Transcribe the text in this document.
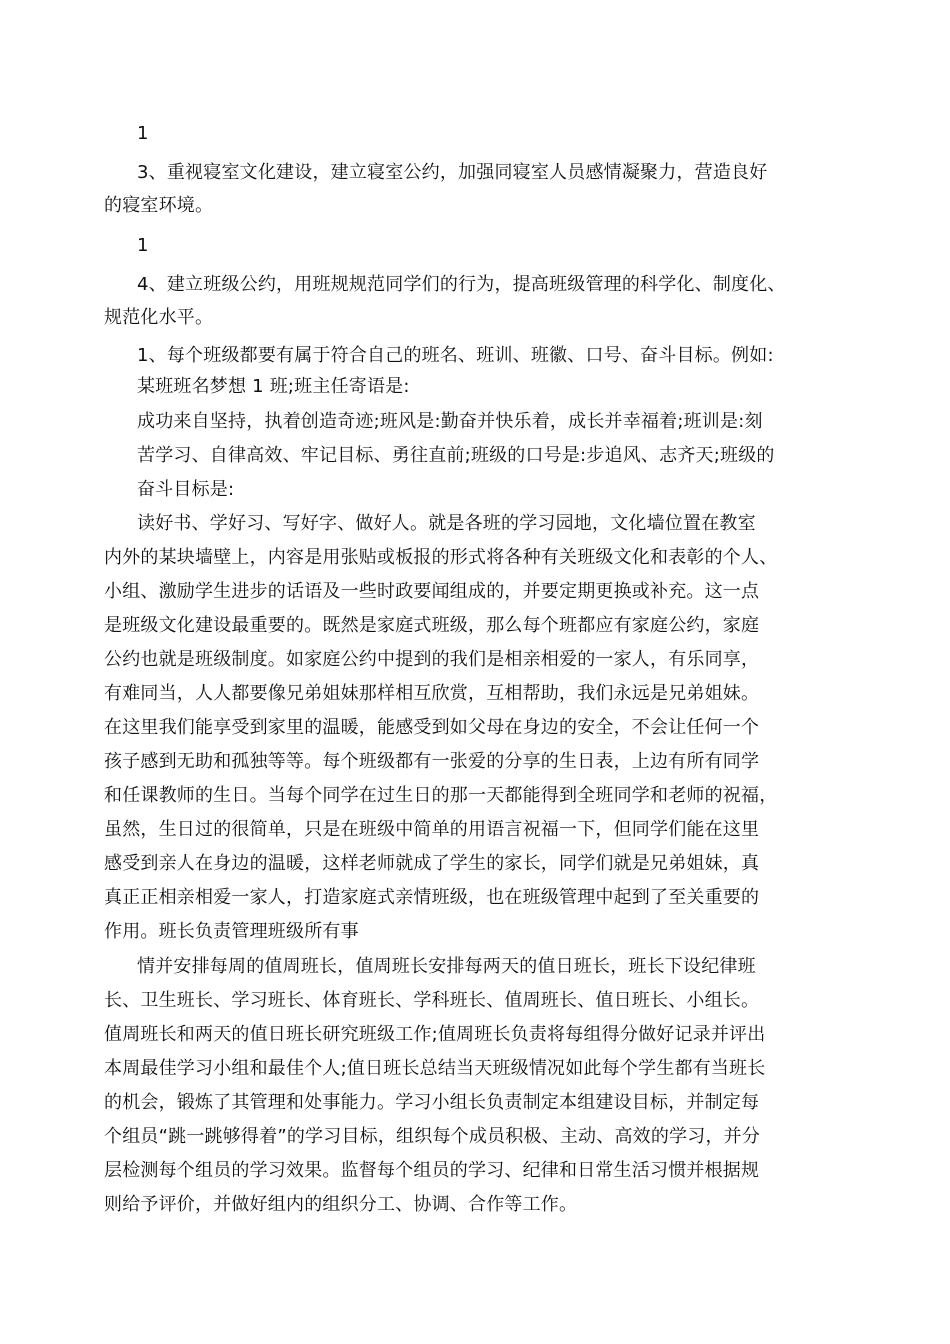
1
3、重视寝室文化建设，建立寝室公约，加强同寝室人员感情凝聚力，营造良好
的寝室环境。
1
4、建立班级公约，用班规规范同学们的行为，提高班级管理的科学化、制度化、
规范化水平。
1、每个班级都要有属于符合自己的班名、班训、班徽、口号、奋斗目标。例如:
某班班名梦想 1 班;班主任寄语是:
成功来自坚持，执着创造奇迹;班风是:勤奋并快乐着，成长并幸福着;班训是:刻
苦学习、自律高效、牢记目标、勇往直前;班级的口号是:步追风、志齐天;班级的
奋斗目标是:
读好书、学好习、写好字、做好人。就是各班的学习园地，文化墙位置在教室
内外的某块墙壁上，内容是用张贴或板报的形式将各种有关班级文化和表彰的个人、
小组、激励学生进步的话语及一些时政要闻组成的，并要定期更换或补充。这一点
是班级文化建设最重要的。既然是家庭式班级，那么每个班都应有家庭公约，家庭
公约也就是班级制度。如家庭公约中提到的我们是相亲相爱的一家人，有乐同享，
有难同当，人人都要像兄弟姐妹那样相互欣赏，互相帮助，我们永远是兄弟姐妹。
在这里我们能享受到家里的温暖，能感受到如父母在身边的安全，不会让任何一个
孩子感到无助和孤独等等。每个班级都有一张爱的分享的生日表，上边有所有同学
和任课教师的生日。当每个同学在过生日的那一天都能得到全班同学和老师的祝福，
虽然，生日过的很简单，只是在班级中简单的用语言祝福一下，但同学们能在这里
感受到亲人在身边的温暖，这样老师就成了学生的家长，同学们就是兄弟姐妹，真
真正正相亲相爱一家人，打造家庭式亲情班级，也在班级管理中起到了至关重要的
作用。班长负责管理班级所有事
情并安排每周的值周班长，值周班长安排每两天的值日班长，班长下设纪律班
长、卫生班长、学习班长、体育班长、学科班长、值周班长、值日班长、小组长。
值周班长和两天的值日班长研究班级工作;值周班长负责将每组得分做好记录并评出
本周最佳学习小组和最佳个人;值日班长总结当天班级情况如此每个学生都有当班长
的机会，锻炼了其管理和处事能力。学习小组长负责制定本组建设目标，并制定每
个组员“跳一跳够得着”的学习目标，组织每个成员积极、主动、高效的学习，并分
层检测每个组员的学习效果。监督每个组员的学习、纪律和日常生活习惯并根据规
则给予评价，并做好组内的组织分工、协调、合作等工作。
